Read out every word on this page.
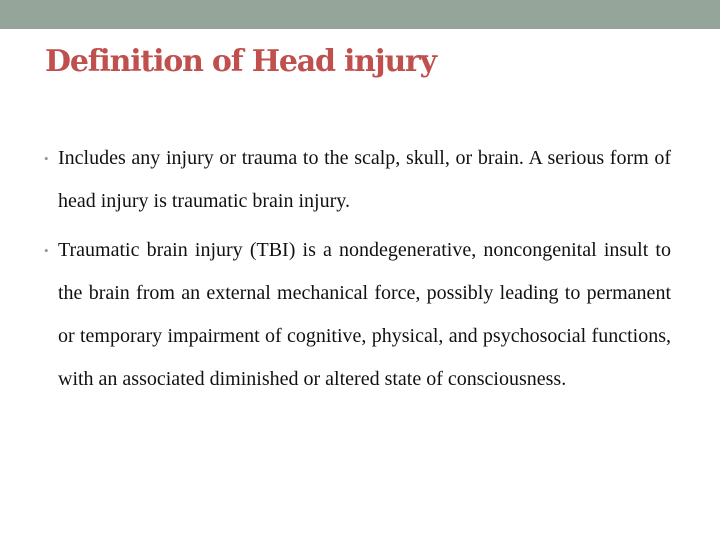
Definition of Head injury
•
Includes any injury or trauma to the scalp, skull, or brain. A serious form of head injury is traumatic brain injury.
•
Traumatic brain injury (TBI) is a nondegenerative, noncongenital insult to the brain from an external mechanical force, possibly leading to permanent or temporary impairment of cognitive, physical, and psychosocial functions, with an associated diminished or altered state of consciousness.
